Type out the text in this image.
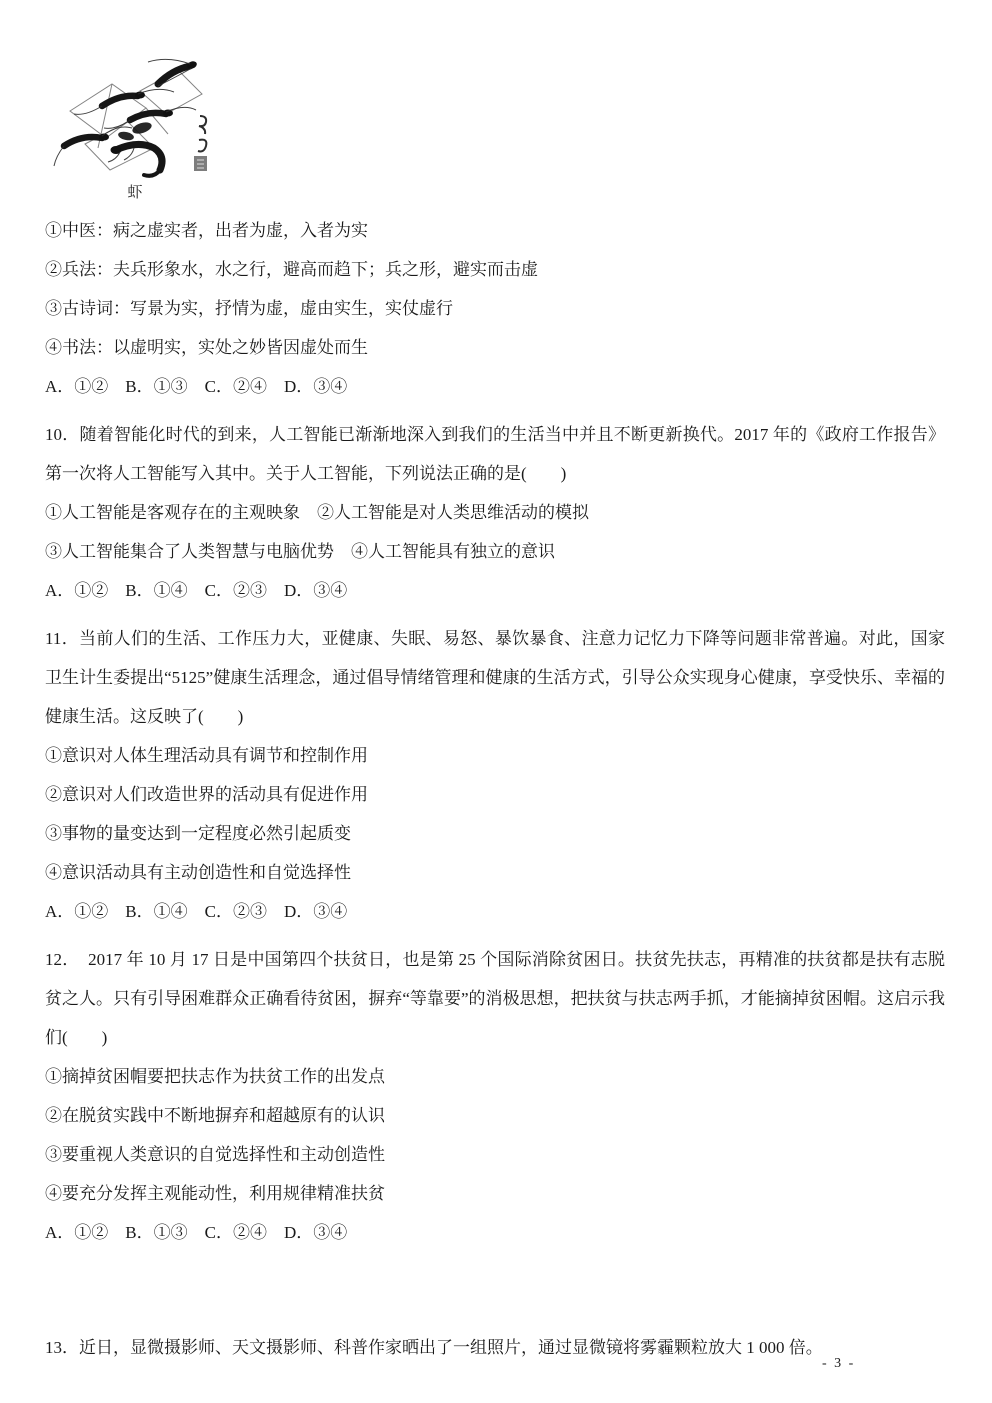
虾

①中医：病之虚实者，出者为虚，入者为实

②兵法：夫兵形象水，水之行，避高而趋下；兵之形，避实而击虚

③古诗词：写景为实，抒情为虚，虚由实生，实仗虚行

④书法：以虚明实，实处之妙皆因虚处而生

A．①②　B．①③　C．②④　D．③④

10．随着智能化时代的到来，人工智能已渐渐地深入到我们的生活当中并且不断更新换代。2017 年的《政府工作报告》第一次将人工智能写入其中。关于人工智能，下列说法正确的是(　　)

①人工智能是客观存在的主观映象　②人工智能是对人类思维活动的模拟

③人工智能集合了人类智慧与电脑优势　④人工智能具有独立的意识

A．①②　B．①④　C．②③　D．③④

11．当前人们的生活、工作压力大，亚健康、失眠、易怒、暴饮暴食、注意力记忆力下降等问题非常普遍。对此，国家卫生计生委提出“5125”健康生活理念，通过倡导情绪管理和健康的生活方式，引导公众实现身心健康，享受快乐、幸福的健康生活。这反映了(　　)

①意识对人体生理活动具有调节和控制作用

②意识对人们改造世界的活动具有促进作用

③事物的量变达到一定程度必然引起质变

④意识活动具有主动创造性和自觉选择性

A．①②　B．①④　C．②③　D．③④

12．　2017 年 10 月 17 日是中国第四个扶贫日，也是第 25 个国际消除贫困日。扶贫先扶志，再精准的扶贫都是扶有志脱贫之人。只有引导困难群众正确看待贫困，摒弃“等靠要”的消极思想，把扶贫与扶志两手抓，才能摘掉贫困帽。这启示我们(　　)

①摘掉贫困帽要把扶志作为扶贫工作的出发点

②在脱贫实践中不断地摒弃和超越原有的认识

③要重视人类意识的自觉选择性和主动创造性

④要充分发挥主观能动性，利用规律精准扶贫

A．①②　B．①③　C．②④　D．③④

13．近日，显微摄影师、天文摄影师、科普作家晒出了一组照片，通过显微镜将雾霾颗粒放大 1 000 倍。

- 3 -
